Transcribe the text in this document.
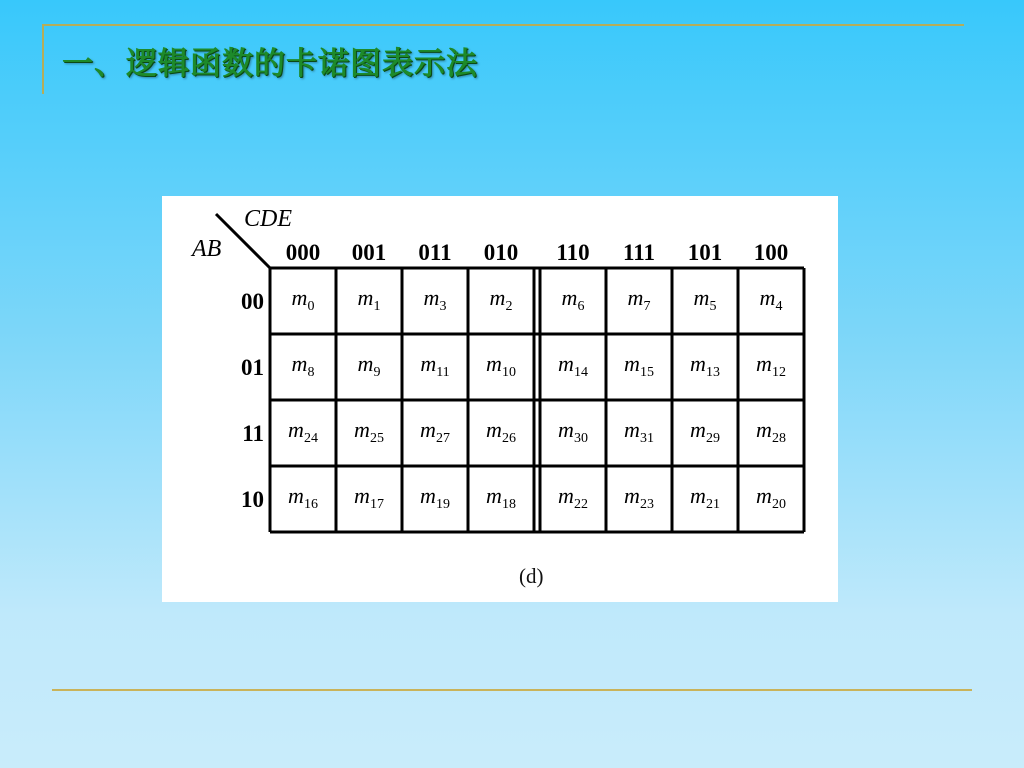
一、逻辑函数的卡诺图表示法
CDE
AB	000 001 011 010 110 111 101 100
00
01
11
10
m0 m1 m3 m2 m6 m7 m5 m4
m8 m9 m11 m10 m14 m15 m13 m12
m24 m25 m27 m26 m30 m31 m29 m28
m16 m17 m19 m18 m22 m23 m21 m20
(d)
